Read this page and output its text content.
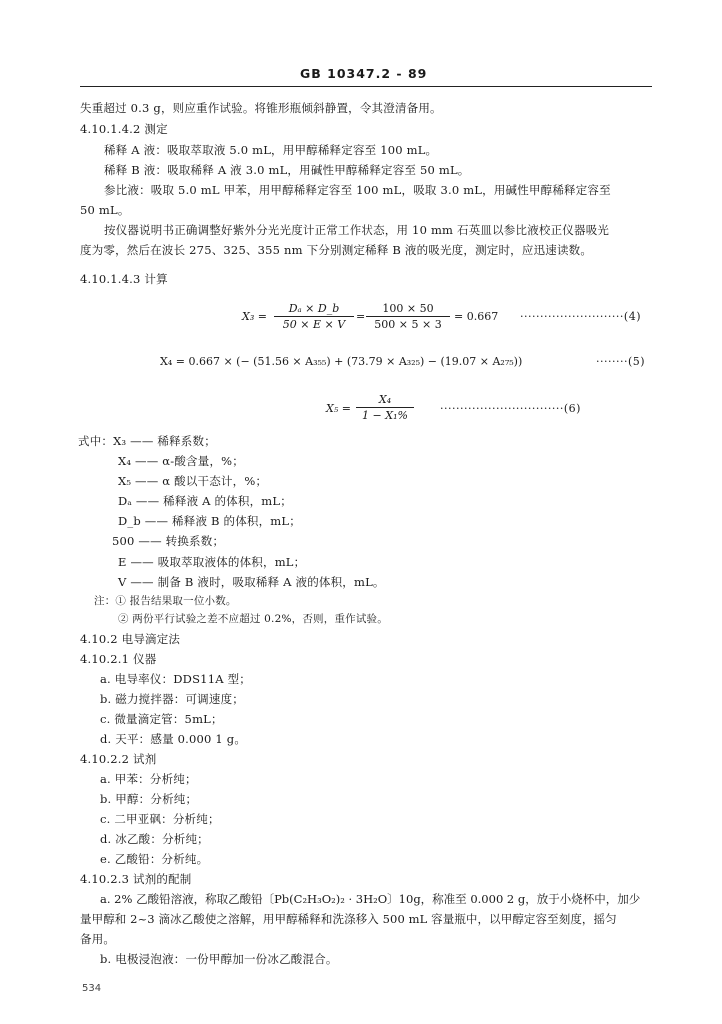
GB 10347.2 - 89
失重超过 0.3 g，则应重作试验。将锥形瓶倾斜静置，令其澄清备用。
4.10.1.4.2 测定
稀释 A 液：吸取萃取液 5.0 mL，用甲醇稀释定容至 100 mL。
稀释 B 液：吸取稀释 A 液 3.0 mL，用碱性甲醇稀释定容至 50 mL。
参比液：吸取 5.0 mL 甲苯，用甲醇稀释定容至 100 mL，吸取 3.0 mL，用碱性甲醇稀释定容至
50 mL。
按仪器说明书正确调整好紫外分光光度计正常工作状态，用 10 mm 石英皿以参比液校正仪器吸光
度为零，然后在波长 275、325、355 nm 下分别测定稀释 B 液的吸光度，测定时，应迅速读数。
4.10.1.4.3 计算
X₃ =
Dₐ × D_b
50 × E × V
=
100 × 50
500 × 5 × 3
= 0.667 ··························(4)
X₄ = 0.667 × (− (51.56 × A₃₅₅) + (73.79 × A₃₂₅) − (19.07 × A₂₇₅))	········(5)
X₅ =
X₄
1 − X₁%
·······························(6)
式中：X₃ —— 稀释系数；
X₄ —— α-酸含量，%；
X₅ —— α 酸以干态计，%；
Dₐ —— 稀释液 A 的体积，mL；
D_b —— 稀释液 B 的体积，mL；
500 —— 转换系数；
E —— 吸取萃取液体的体积，mL；
V —— 制备 B 液时，吸取稀释 A 液的体积，mL。
注：① 报告结果取一位小数。
② 两份平行试验之差不应超过 0.2%，否则，重作试验。
4.10.2 电导滴定法
4.10.2.1 仪器
a. 电导率仪：DDS11A 型；
b. 磁力搅拌器：可调速度；
c. 微量滴定管：5mL；
d. 天平：感量 0.000 1 g。
4.10.2.2 试剂
a. 甲苯：分析纯；
b. 甲醇：分析纯；
c. 二甲亚砜：分析纯；
d. 冰乙酸：分析纯；
e. 乙酸铅：分析纯。
4.10.2.3 试剂的配制
a. 2% 乙酸铅溶液，称取乙酸铅〔Pb(C₂H₃O₂)₂ · 3H₂O〕10g，称准至 0.000 2 g，放于小烧杯中，加少
量甲醇和 2~3 滴冰乙酸使之溶解，用甲醇稀释和洗涤移入 500 mL 容量瓶中，以甲醇定容至刻度，摇匀
备用。
b. 电极浸泡液：一份甲醇加一份冰乙酸混合。
534
